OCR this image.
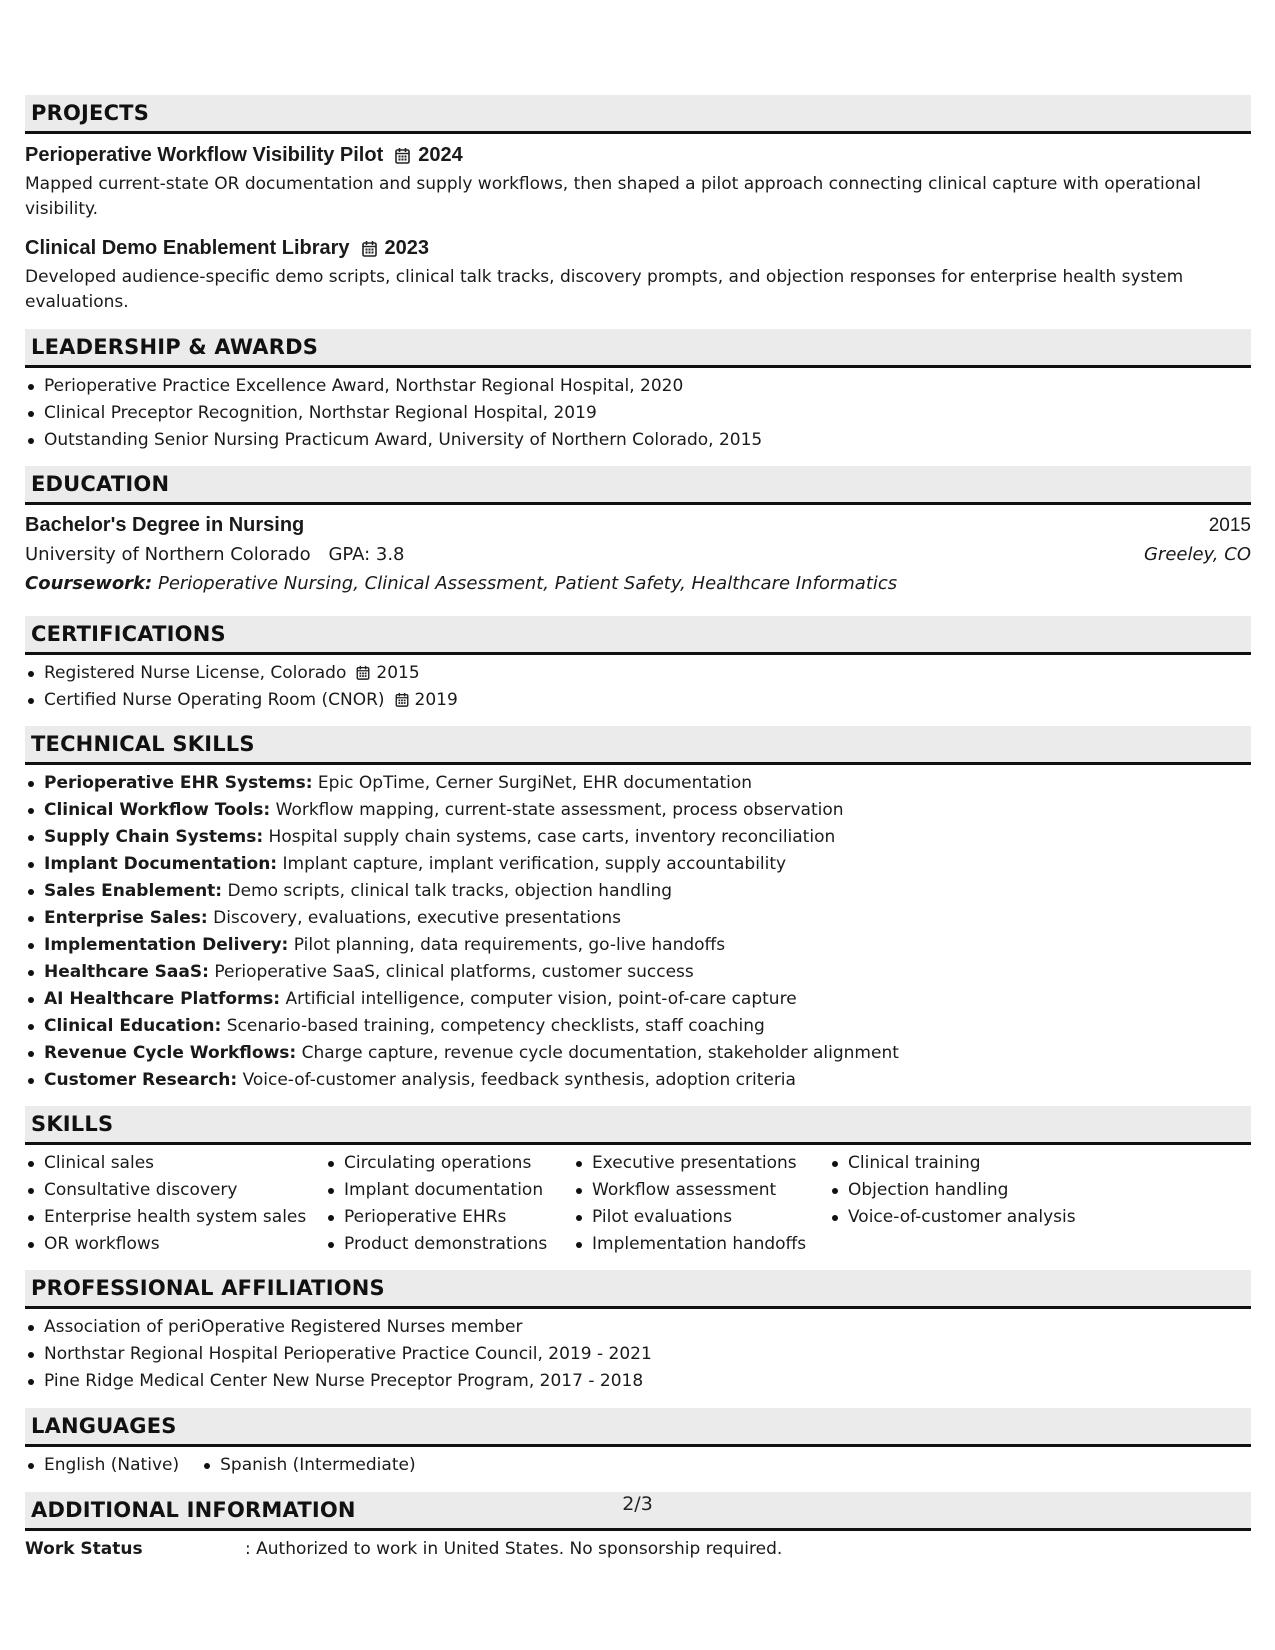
PROJECTS
Perioperative Workflow Visibility Pilot 2024
Mapped current-state OR documentation and supply workflows, then shaped a pilot approach connecting clinical capture with operational visibility.
Clinical Demo Enablement Library 2023
Developed audience-specific demo scripts, clinical talk tracks, discovery prompts, and objection responses for enterprise health system evaluations.
LEADERSHIP & AWARDS
Perioperative Practice Excellence Award, Northstar Regional Hospital, 2020
Clinical Preceptor Recognition, Northstar Regional Hospital, 2019
Outstanding Senior Nursing Practicum Award, University of Northern Colorado, 2015
EDUCATION
Bachelor's Degree in Nursing	2015
University of Northern Colorado GPA: 3.8	Greeley, CO
Coursework: Perioperative Nursing, Clinical Assessment, Patient Safety, Healthcare Informatics
CERTIFICATIONS
Registered Nurse License, Colorado 2015
Certified Nurse Operating Room (CNOR) 2019
TECHNICAL SKILLS
Perioperative EHR Systems: Epic OpTime, Cerner SurgiNet, EHR documentation
Clinical Workflow Tools: Workflow mapping, current-state assessment, process observation
Supply Chain Systems: Hospital supply chain systems, case carts, inventory reconciliation
Implant Documentation: Implant capture, implant verification, supply accountability
Sales Enablement: Demo scripts, clinical talk tracks, objection handling
Enterprise Sales: Discovery, evaluations, executive presentations
Implementation Delivery: Pilot planning, data requirements, go-live handoffs
Healthcare SaaS: Perioperative SaaS, clinical platforms, customer success
AI Healthcare Platforms: Artificial intelligence, computer vision, point-of-care capture
Clinical Education: Scenario-based training, competency checklists, staff coaching
Revenue Cycle Workflows: Charge capture, revenue cycle documentation, stakeholder alignment
Customer Research: Voice-of-customer analysis, feedback synthesis, adoption criteria
SKILLS
Clinical sales
Consultative discovery
Enterprise health system sales
OR workflows
Circulating operations
Implant documentation
Perioperative EHRs
Product demonstrations
Executive presentations
Workflow assessment
Pilot evaluations
Implementation handoffs
Clinical training
Objection handling
Voice-of-customer analysis
PROFESSIONAL AFFILIATIONS
Association of periOperative Registered Nurses member
Northstar Regional Hospital Perioperative Practice Council, 2019 - 2021
Pine Ridge Medical Center New Nurse Preceptor Program, 2017 - 2018
LANGUAGES
English (Native)	Spanish (Intermediate)
ADDITIONAL INFORMATION
Work Status	: Authorized to work in United States. No sponsorship required.
2/3
